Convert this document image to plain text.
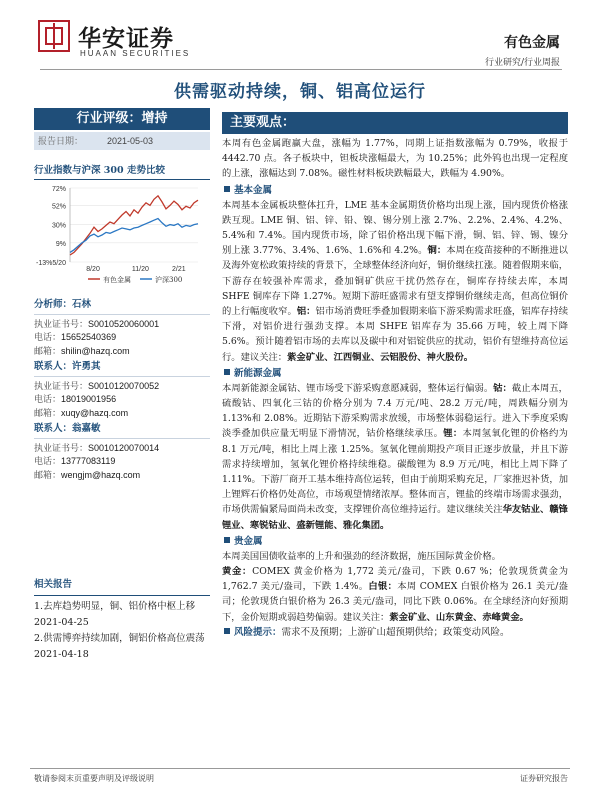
华安证券
HUAAN SECURITIES
有色金属
行业研究/行业周报
供需驱动持续，铜、铝高位运行
行业评级：增持
报告日期：	2021-05-03
行业指数与沪深 300 走势比较
72%
52%
30%
9%
-13%5/20
8/20	11/20	2/21
有色金属	沪深300
分析师：石林
执业证书号：S0010520060001
电话：15652540369
邮箱：shilin@hazq.com
联系人：许勇其
执业证书号：S0010120070052
电话：18019001956
邮箱：xuqy@hazq.com
联系人：翁嘉敏
执业证书号：S0010120070014
电话：13777083119
邮箱：wengjm@hazq.com
相关报告
1.去库趋势明显，铜、铝价格中枢上移 2021-04-25
2.供需博弈持续加剧，铜铝价格高位震荡 2021-04-18
主要观点：
本周有色金属跑赢大盘，涨幅为 1.77%，同期上证指数涨幅为 0.79%，收报于 4442.70 点。各子板块中，钽板块涨幅最大，为 10.25%；此外钨也出现一定程度的上涨，涨幅达到 7.08%。磁性材料板块跌幅最大，跌幅为 4.90%。
基本金属
本周基本金属板块整体扛升，LME 基本金属期货价格均出现上涨，国内现货价格涨跌互现。LME 铜、铝、锌、铅、镍、锡分别上涨 2.7%、2.2%、2.4%、4.2%、5.4%和 7.4%。国内现货市场，除了铝价格出现下幅下滑，铜、铝、锌、锡、镍分别上涨 3.77%、3.4%、1.6%、1.6%和 4.2%。铜：本周在疫苗接种的不断推进以及海外宽松政策持续的背景下，全球整体经济向好，铜价继续扛涨。随着假期来临，下游存在较强补库需求，叠加铜矿供应干扰仍然存在，铜库存持续去库，本周 SHFE 铜库存下降 1.27%。短期下游旺盛需求有望支撑铜价继续走高，但高位铜价的上行幅度收窄。铝：铝市场消费旺季叠加假期来临下游采购需求旺盛，铝库存持续下滑，对铝价进行强劲支撑。本周 SHFE 铝库存为 35.66 万吨，较上周下降 5.6%。预计随着铝市场的去库以及碳中和对铝锭供应的扰动，铝价有望维持高位运行。建议关注：紫金矿业、江西铜业、云铝股份、神火股份。
新能源金属
本周新能源金属钴、锂市场受下游采购意愿减弱，整体运行偏弱。钴：截止本周五，硫酸钴、四氧化三钴的价格分别为 7.4 万元/吨、28.2 万元/吨，周跌幅分别为 1.13%和 2.08%。近期钴下游采购需求放缓，市场整体弱稳运行。进入下季度采购淡季叠加供应量无明显下滑情况，钴价格继续承压。锂：本周氢氧化锂的价格约为 8.1 万元/吨，相比上周上涨 1.25%。氢氧化锂前期投产项目正逐步放量，并且下游需求持续增加，氢氧化锂价格持续维稳。碳酸锂为 8.9 万元/吨，相比上周下降了 1.11%。下游厂商开工基本维持高位运转，但由于前期采购充足，厂家推迟补货，加上锂辉石价格仍处高位，市场观望情绪浓厚。整体而言，锂盐的终端市场需求强劲，市场供需偏紧局面尚未改变，支撑锂价高位维持运行。建议继续关注华友钴业、赣锋锂业、寒锐钴业、盛新锂能、雅化集团。
贵金属
本周美国国债收益率的上升和强劲的经济数据，施压国际黄金价格。
黄金：COMEX 黄金价格为 1,772 美元/盎司，下跌 0.67 %；伦敦现货黄金为 1,762.7 美元/盎司，下跌 1.4%。白银：本周 COMEX 白银价格为 26.1 美元/盎司；伦敦现货白银价格为 26.3 美元/盎司，同比下跌 0.06%。在全球经济向好预期下，金价短期或弱趋势偏弱。建议关注：紫金矿业、山东黄金、赤峰黄金。
风险提示：需求不及预期；上游矿山超预期供给；政策变动风险。
敬请参阅末页重要声明及评级说明	证券研究报告
